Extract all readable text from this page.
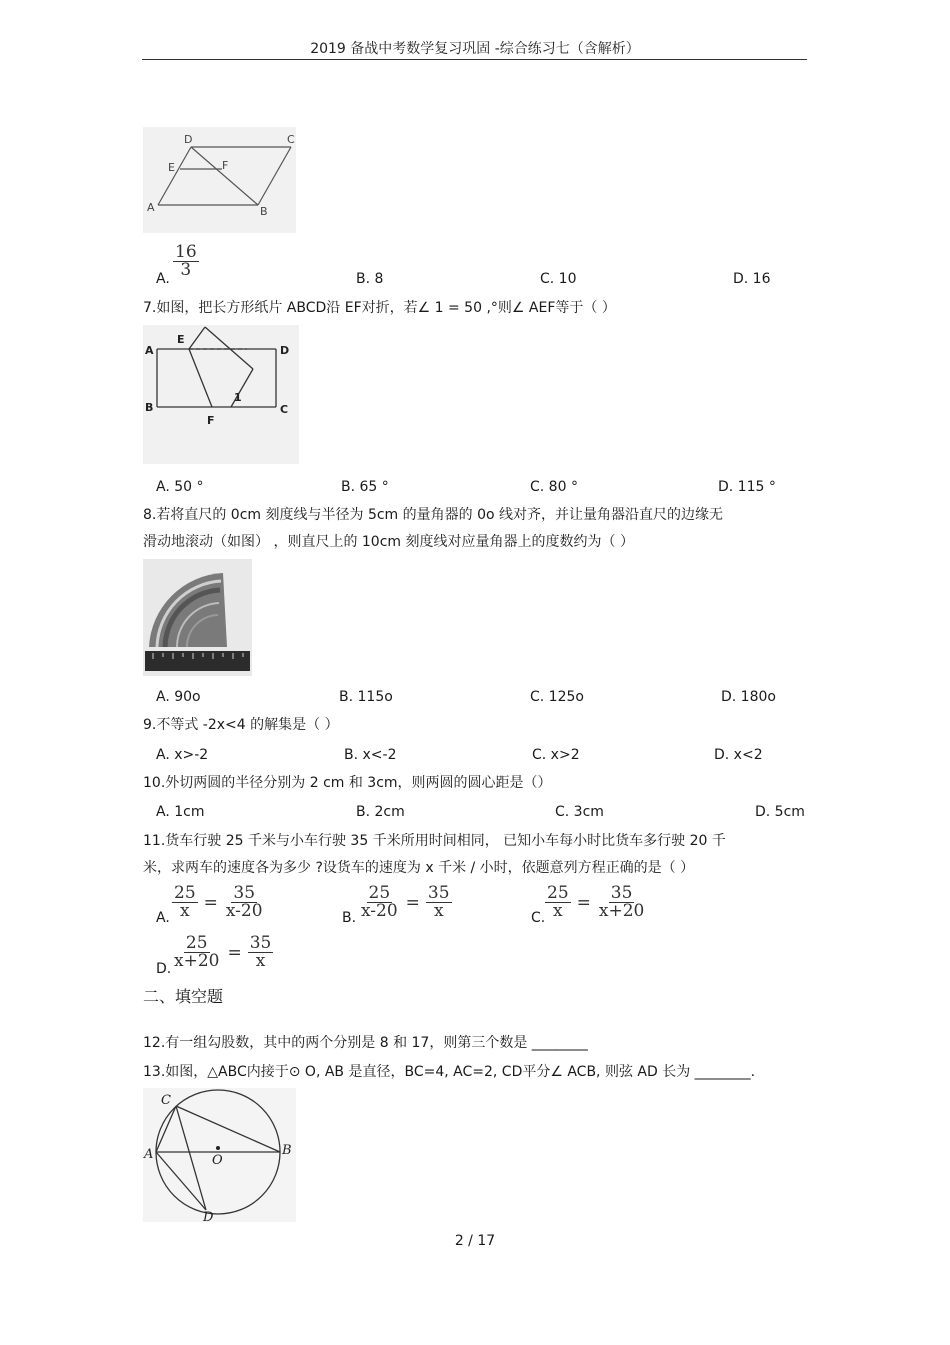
2019 备战中考数学复习巩固 -综合练习七（含解析）
D	C
E	F
A	B
$\frac{16}{3}$
A.	B. 8	C. 10	D. 16
7.如图，把长方形纸片 ABCD沿 EF对折，若∠ 1 = 50 ,°则∠ AEF等于（ ）
A
E
D
B
F
C
1
A. 50 °	B. 65 °	C. 80 °	D. 115 °
8.若将直尺的 0cm 刻度线与半径为 5cm 的量角器的 0o 线对齐，并让量角器沿直尺的边缘无
滑动地滚动（如图） ，则直尺上的 10cm 刻度线对应量角器上的度数约为（ ）
A. 90o	B. 115o	C. 125o	D. 180o
9.不等式 -2x<4 的解集是（ ）
A. x>-2	B. x<-2	C. x>2	D. x<2
10.外切两圆的半径分别为 2 cm 和 3cm，则两圆的圆心距是（）
A. 1cm	B. 2cm	C. 3cm	D. 5cm
11.货车行驶 25 千米与小车行驶 35 千米所用时间相同， 已知小车每小时比货车多行驶 20 千
米，求两车的速度各为多少 ?设货车的速度为 x 千米 / 小时，依题意列方程正确的是（ ）
A. $\frac{25}{x} = \frac{35}{x-20}$	B. $\frac{25}{x-20} = \frac{35}{x}$	C. $\frac{25}{x} = \frac{35}{x+20}$
D. $\frac{25}{x+20} = \frac{35}{x}$
二、填空题
12.有一组勾股数，其中的两个分别是 8 和 17，则第三个数是 ________
13.如图，△ABC内接于⊙ O, AB 是直径，BC=4, AC=2, CD平分∠ ACB, 则弦 AD 长为 ________.
C
A	O
B
D
2 / 17
